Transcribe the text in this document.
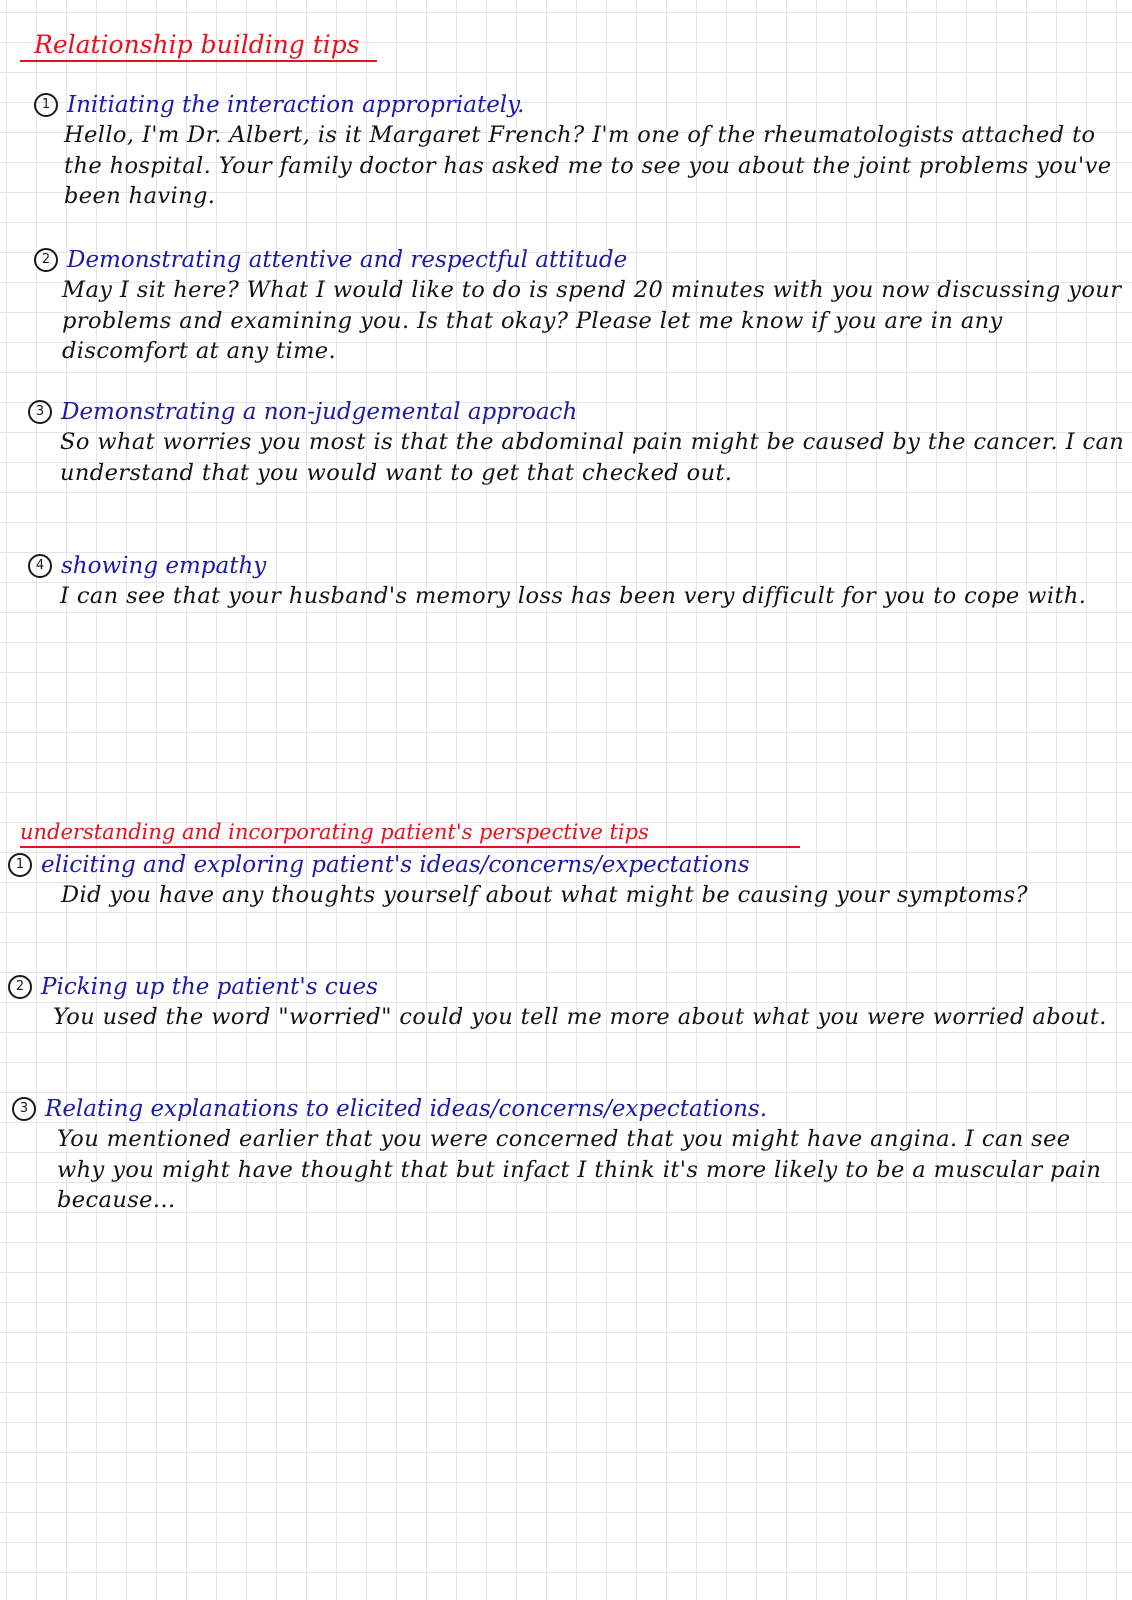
Relationship building tips
1 Initiating the interaction appropriately.
Hello, I'm Dr. Albert, is it Margaret French? I'm one of the rheumatologists attached to the hospital. Your family doctor has asked me to see you about the joint problems you've been having.
2 Demonstrating attentive and respectful attitude
May I sit here? What I would like to do is spend 20 minutes with you now discussing your problems and examining you. Is that okay? Please let me know if you are in any discomfort at any time.
3 Demonstrating a non-judgemental approach
So what worries you most is that the abdominal pain might be caused by the cancer. I can understand that you would want to get that checked out.
4 showing empathy
I can see that your husband's memory loss has been very difficult for you to cope with.
understanding and incorporating patient's perspective tips
1 eliciting and exploring patient's ideas/concerns/expectations
Did you have any thoughts yourself about what might be causing your symptoms?
2 Picking up the patient's cues
You used the word "worried" could you tell me more about what you were worried about.
3 Relating explanations to elicited ideas/concerns/expectations.
You mentioned earlier that you were concerned that you might have angina. I can see why you might have thought that but infact I think it's more likely to be a muscular pain because...
